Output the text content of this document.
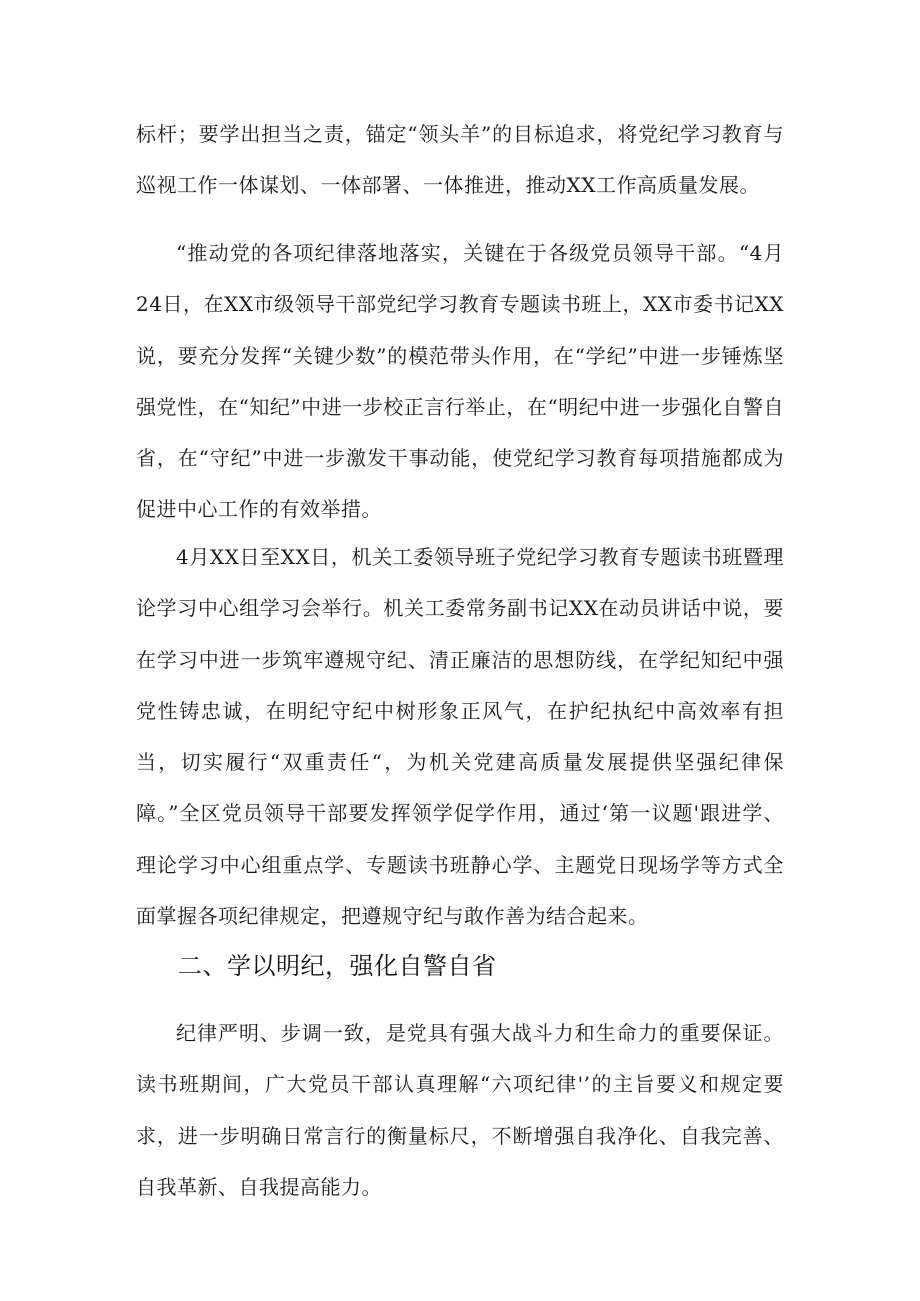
标杆；要学出担当之责，锚定“领头羊”的目标追求，将党纪学习教育与巡视工作一体谋划、一体部署、一体推进，推动XX工作高质量发展。

“推动党的各项纪律落地落实，关键在于各级党员领导干部。“4月24日，在XX市级领导干部党纪学习教育专题读书班上，XX市委书记XX说，要充分发挥“关键少数”的模范带头作用，在“学纪”中进一步锤炼坚强党性，在“知纪”中进一步校正言行举止，在“明纪中进一步强化自警自省，在“守纪”中进一步激发干事动能，使党纪学习教育每项措施都成为促进中心工作的有效举措。

4月XX日至XX日，机关工委领导班子党纪学习教育专题读书班暨理论学习中心组学习会举行。机关工委常务副书记XX在动员讲话中说，要在学习中进一步筑牢遵规守纪、清正廉洁的思想防线，在学纪知纪中强党性铸忠诚，在明纪守纪中树形象正风气，在护纪执纪中高效率有担当，切实履行“双重责任“，为机关党建高质量发展提供坚强纪律保障。”全区党员领导干部要发挥领学促学作用，通过‘第一议题'跟进学、理论学习中心组重点学、专题读书班静心学、主题党日现场学等方式全面掌握各项纪律规定，把遵规守纪与敢作善为结合起来。

二、学以明纪，强化自警自省

纪律严明、步调一致，是党具有强大战斗力和生命力的重要保证。读书班期间，广大党员干部认真理解“六项纪律'’的主旨要义和规定要求，进一步明确日常言行的衡量标尺，不断增强自我净化、自我完善、自我革新、自我提高能力。
